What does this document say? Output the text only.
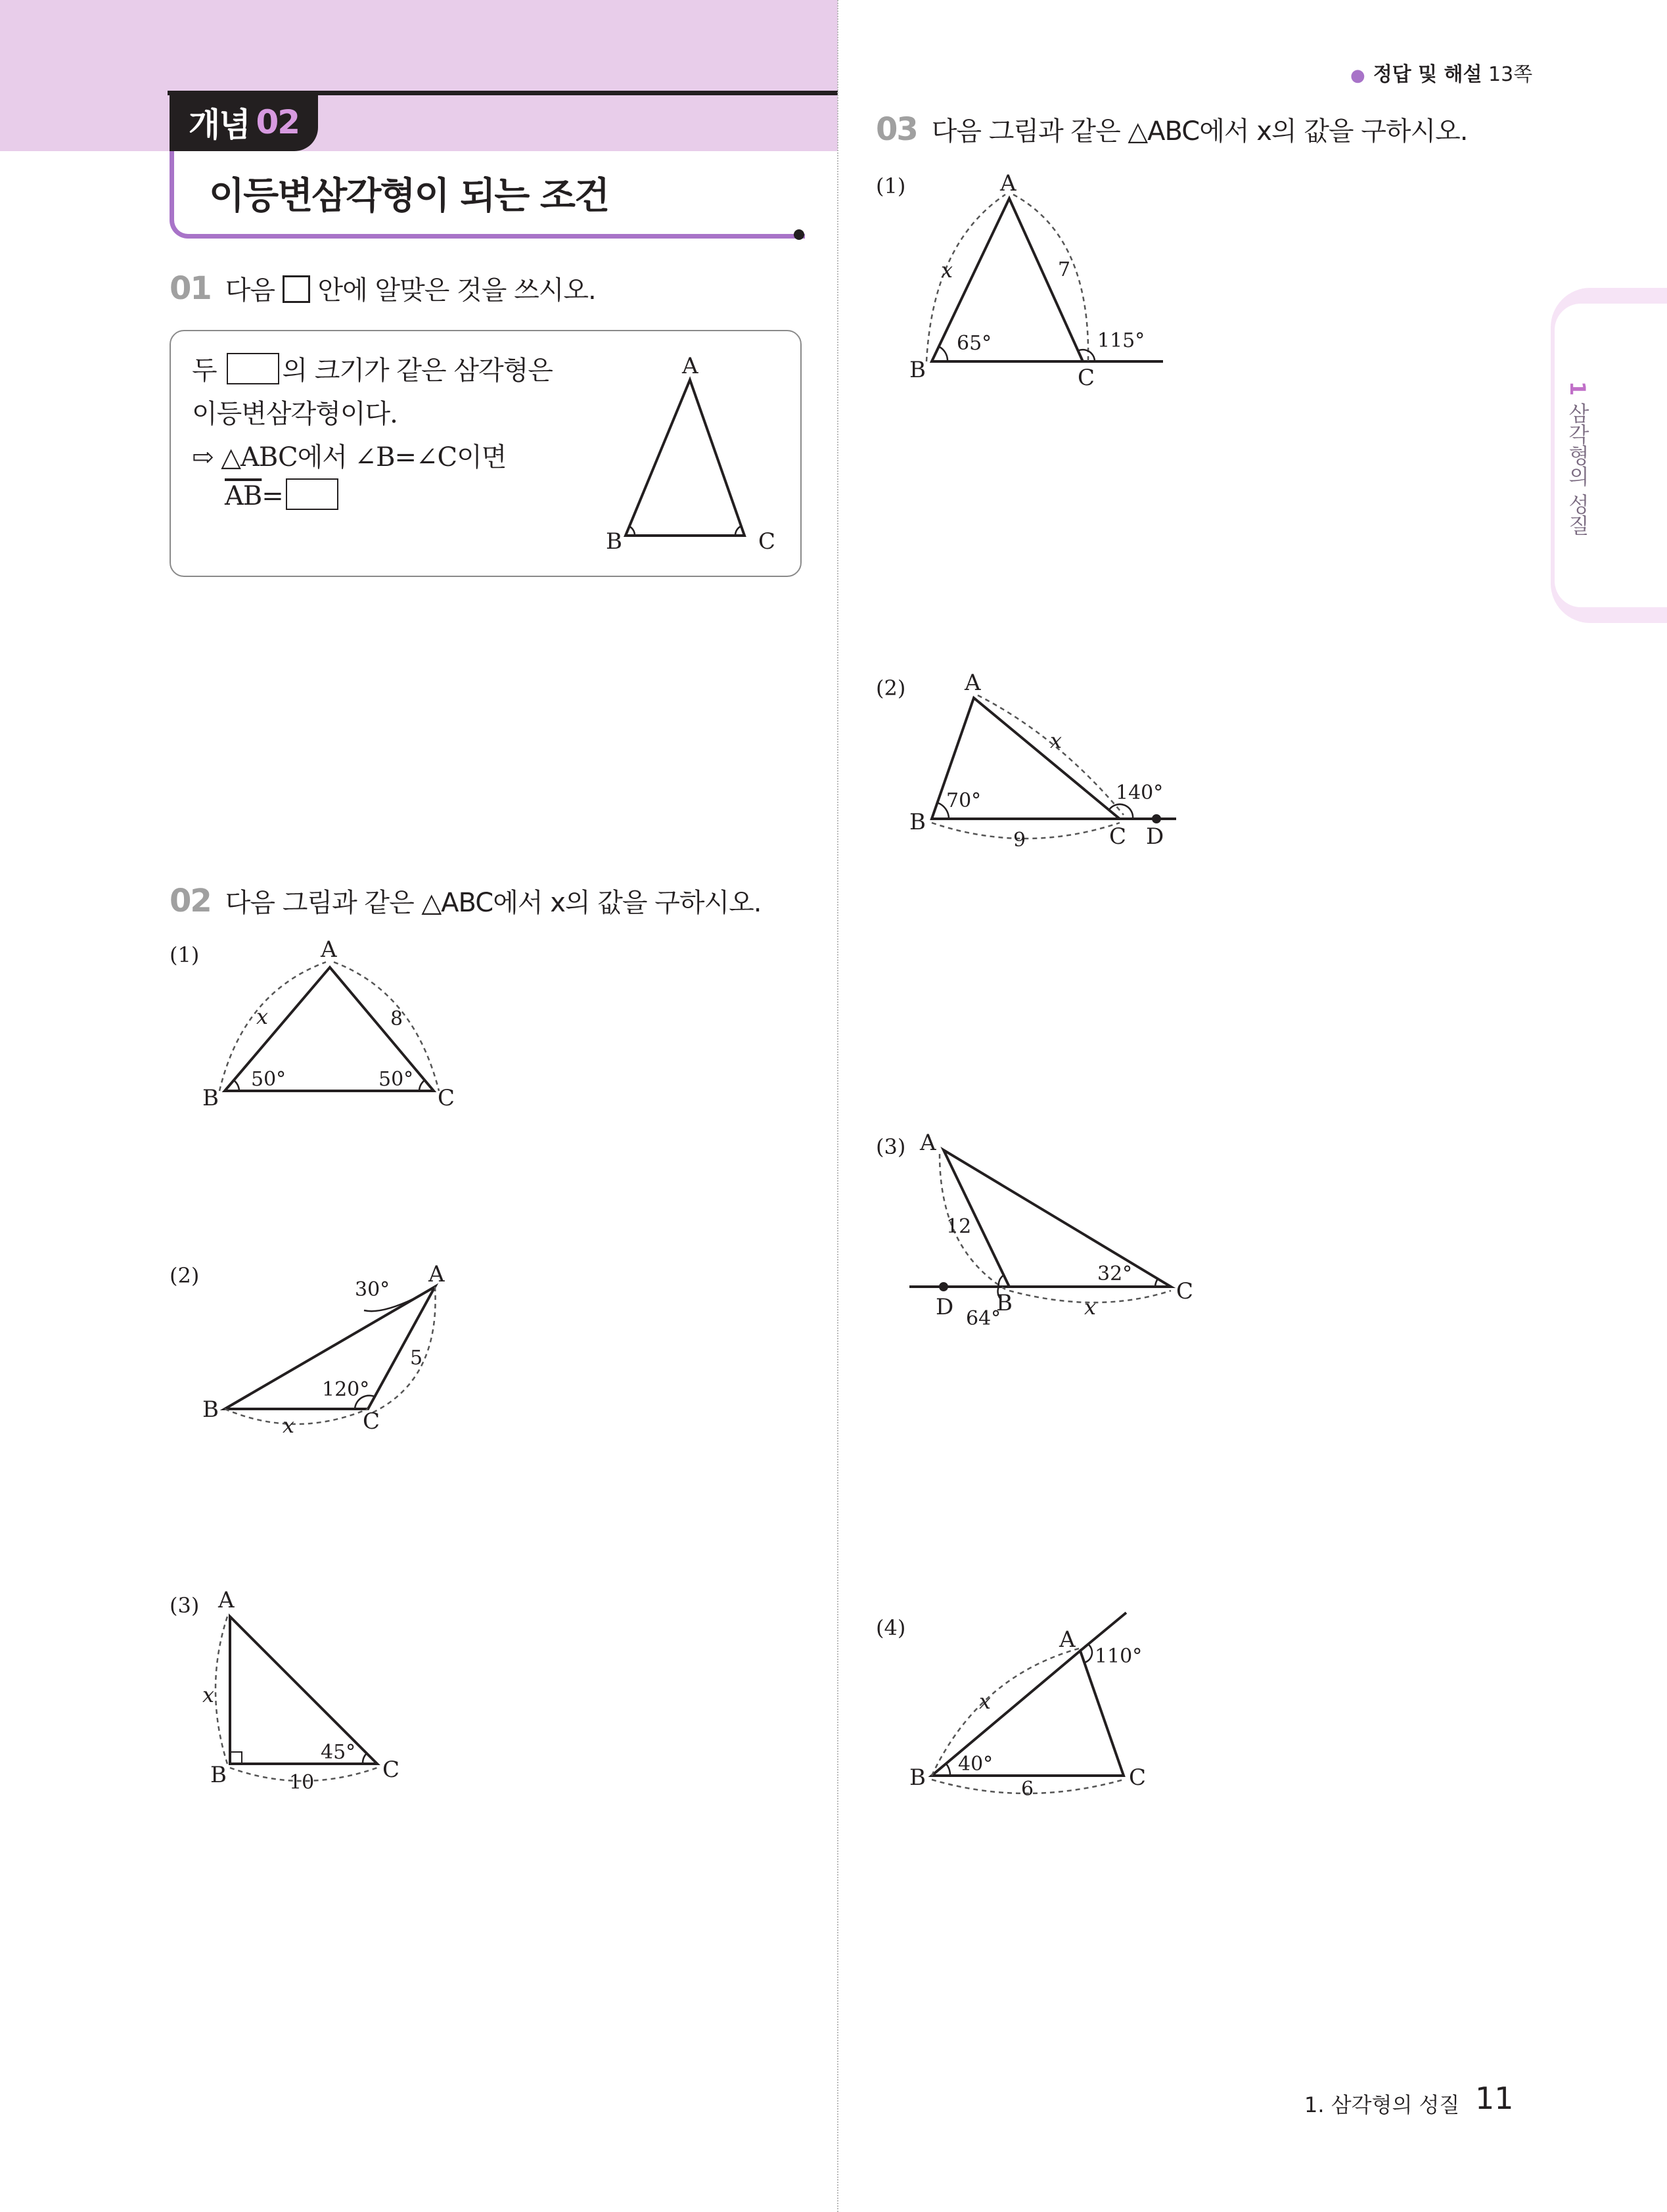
개념 02
이등변삼각형이 되는 조건
● 정답 및 해설 13쪽
1 삼각형의 성질
01 다음 안에 알맞은 것을 쓰시오.
두 의 크기가 같은 삼각형은
이등변삼각형이다.
⇨ △ABC에서 ∠B=∠C이면
$\overline{AB}=$
A
B	C
02 다음 그림과 같은 △ABC에서 x의 값을 구하시오.
(1)	A
B	C
50°	50°
x	8
(2)
30°
A
B	C
120°
5
x
(3) A
B	C
45°
x
10
03 다음 그림과 같은 △ABC에서 x의 값을 구하시오.
(1)	A
B	C
65°	115°
x	7
(2)	A
B
C D
70°	140°
x
9
(3) A
D B	C
64°
32°
12
x
(4)	A
B	C
110°
40°
x
6
1. 삼각형의 성질 11
